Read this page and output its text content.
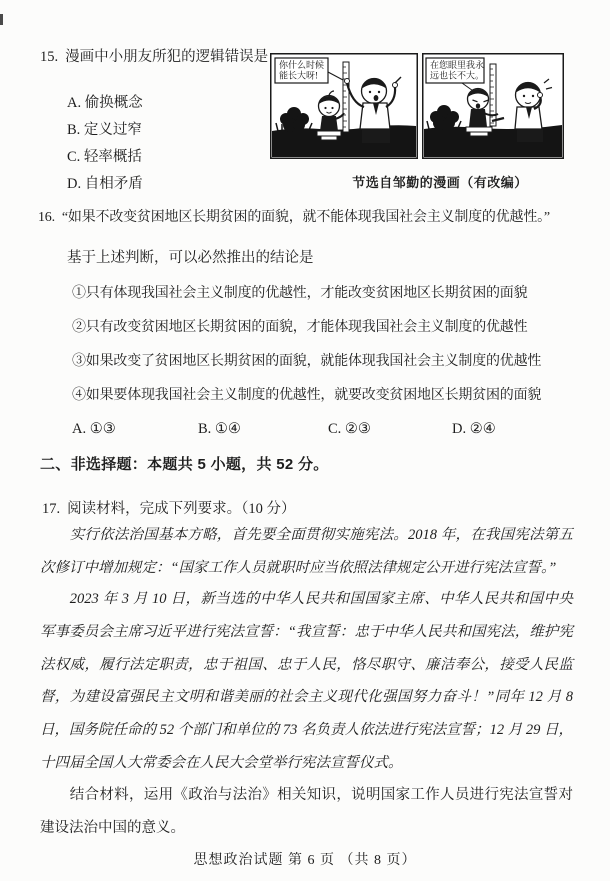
15. 漫画中小朋友所犯的逻辑错误是
A. 偷换概念
B. 定义过窄
C. 轻率概括
D. 自相矛盾
你什么时候
能长大呀!
在您眼里我永
远也长不大。
节选自邹勤的漫画（有改编）
16. “如果不改变贫困地区长期贫困的面貌，就不能体现我国社会主义制度的优越性。”
基于上述判断，可以必然推出的结论是
①只有体现我国社会主义制度的优越性，才能改变贫困地区长期贫困的面貌
②只有改变贫困地区长期贫困的面貌，才能体现我国社会主义制度的优越性
③如果改变了贫困地区长期贫困的面貌，就能体现我国社会主义制度的优越性
④如果要体现我国社会主义制度的优越性，就要改变贫困地区长期贫困的面貌
A. ①③	B. ①④	C. ②③	D. ②④
二、非选择题：本题共 5 小题，共 52 分。
17. 阅读材料，完成下列要求。（10 分）
实行依法治国基本方略，首先要全面贯彻实施宪法。2018 年，在我国宪法第五次修订中增加规定：“国家工作人员就职时应当依照法律规定公开进行宪法宣誓。”
2023 年 3 月 10 日，新当选的中华人民共和国国家主席、中华人民共和国中央军事委员会主席习近平进行宪法宣誓：“我宣誓：忠于中华人民共和国宪法，维护宪法权威，履行法定职责，忠于祖国、忠于人民，恪尽职守、廉洁奉公，接受人民监督，为建设富强民主文明和谐美丽的社会主义现代化强国努力奋斗！”同年 12 月 8 日，国务院任命的 52 个部门和单位的 73 名负责人依法进行宪法宣誓；12 月 29 日，十四届全国人大常委会在人民大会堂举行宪法宣誓仪式。
结合材料，运用《政治与法治》相关知识，说明国家工作人员进行宪法宣誓对建设法治中国的意义。
思想政治试题 第 6 页 （共 8 页）
